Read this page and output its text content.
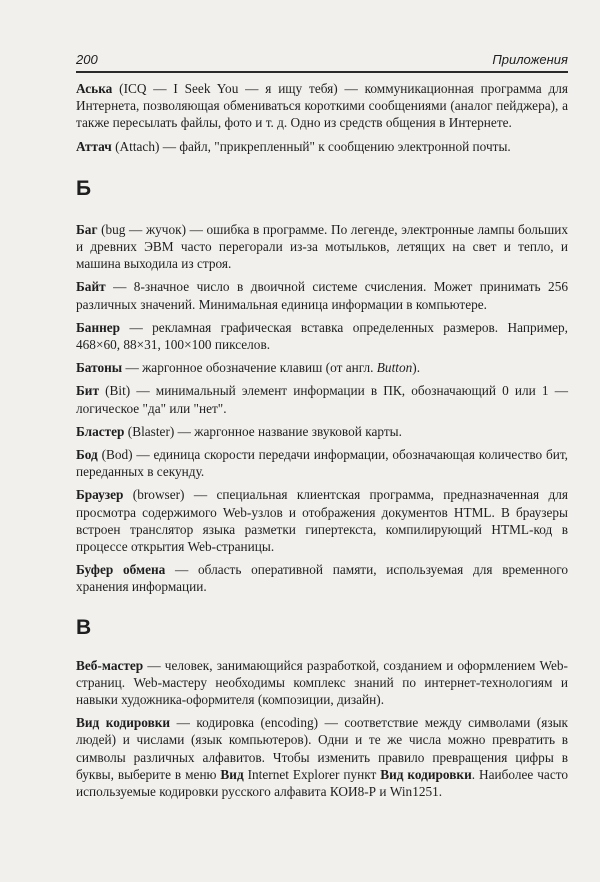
200	Приложения

Аська (ICQ — I Seek You — я ищу тебя) — коммуникационная программа для Интернета, позволяющая обмениваться короткими сообщениями (аналог пейджера), а также пересылать файлы, фото и т. д. Одно из средств общения в Интернете.

Аттач (Attach) — файл, "прикрепленный" к сообщению электронной почты.

Б

Баг (bug — жучок) — ошибка в программе. По легенде, электронные лампы больших и древних ЭВМ часто перегорали из-за мотыльков, летящих на свет и тепло, и машина выходила из строя.

Байт — 8-значное число в двоичной системе счисления. Может принимать 256 различных значений. Минимальная единица информации в компьютере.

Баннер — рекламная графическая вставка определенных размеров. Например, 468×60, 88×31, 100×100 пикселов.

Батоны — жаргонное обозначение клавиш (от англ. Button).

Бит (Bit) — минимальный элемент информации в ПК, обозначающий 0 или 1 — логическое "да" или "нет".

Бластер (Blaster) — жаргонное название звуковой карты.

Бод (Bod) — единица скорости передачи информации, обозначающая количество бит, переданных в секунду.

Браузер (browser) — специальная клиентская программа, предназначенная для просмотра содержимого Web-узлов и отображения документов HTML. В браузеры встроен транслятор языка разметки гипертекста, компилирующий HTML-код в процессе открытия Web-страницы.

Буфер обмена — область оперативной памяти, используемая для временного хранения информации.

В

Веб-мастер — человек, занимающийся разработкой, созданием и оформлением Web-страниц. Web-мастеру необходимы комплекс знаний по интернет-технологиям и навыки художника-оформителя (композиции, дизайн).

Вид кодировки — кодировка (encoding) — соответствие между символами (язык людей) и числами (язык компьютеров). Одни и те же числа можно превратить в символы различных алфавитов. Чтобы изменить правило превращения цифры в буквы, выберите в меню Вид Internet Explorer пункт Вид кодировки. Наиболее часто используемые кодировки русского алфавита КОИ8-Р и Win1251.
